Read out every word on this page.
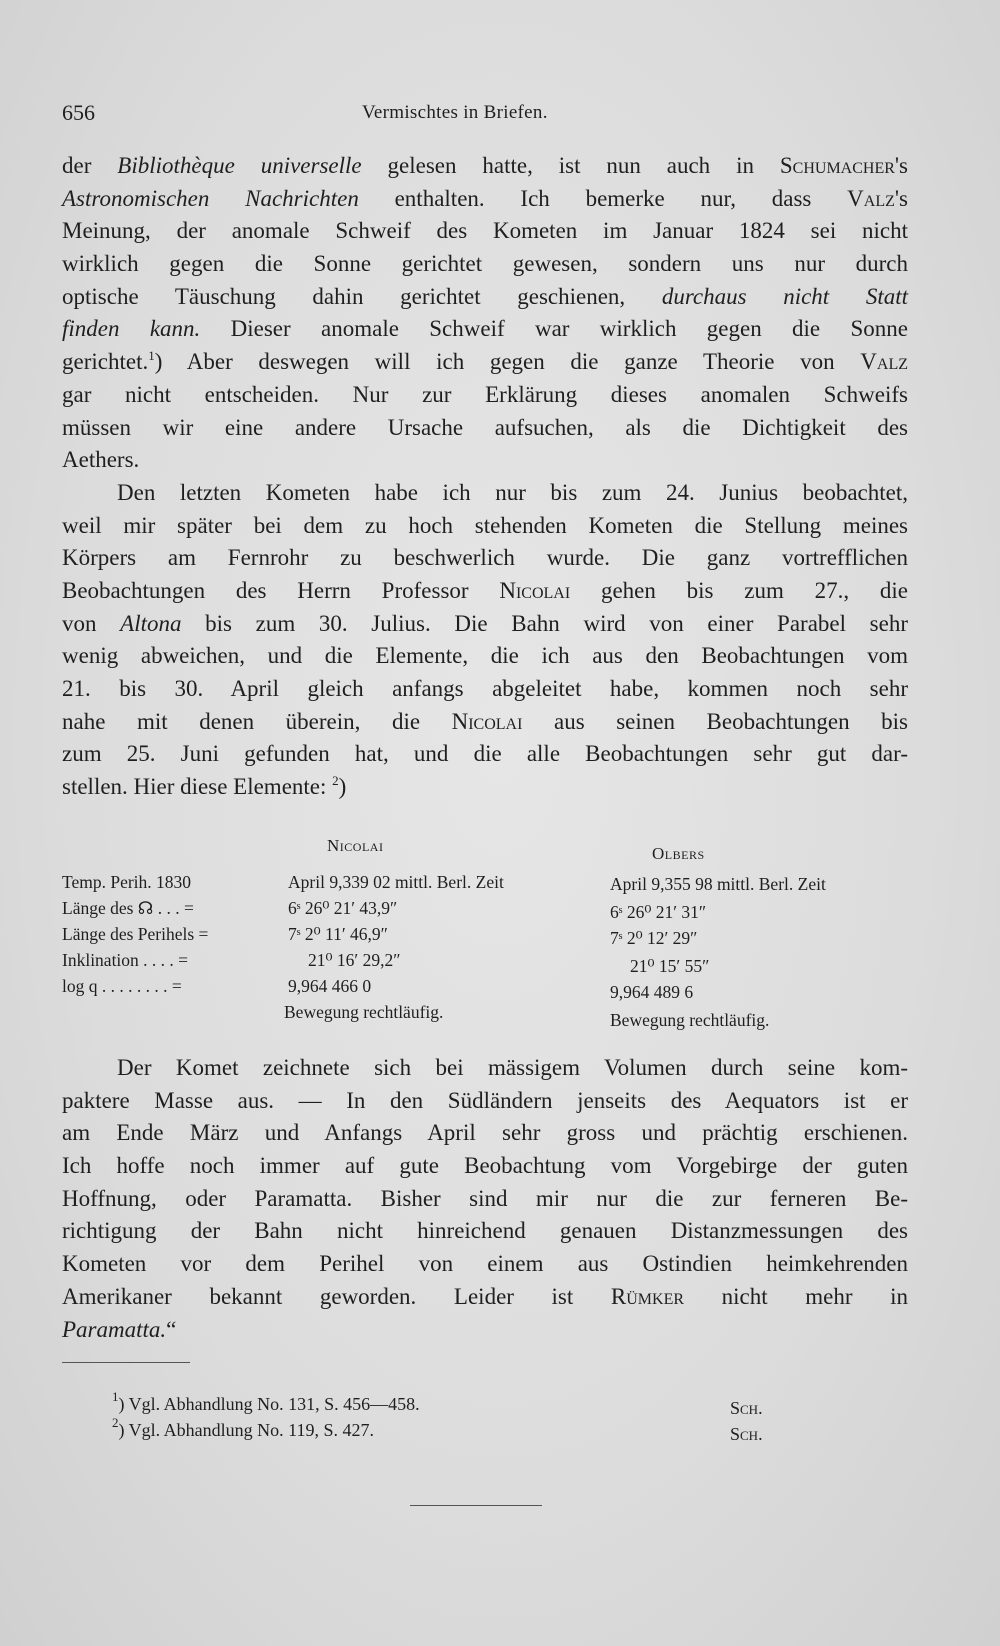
656	Vermischtes in Briefen.
der Bibliothèque universelle gelesen hatte, ist nun auch in Schumacher's
Astronomischen Nachrichten enthalten. Ich bemerke nur, dass Valz's
Meinung, der anomale Schweif des Kometen im Januar 1824 sei nicht
wirklich gegen die Sonne gerichtet gewesen, sondern uns nur durch
optische Täuschung dahin gerichtet geschienen, durchaus nicht Statt
finden kann. Dieser anomale Schweif war wirklich gegen die Sonne
gerichtet.$^1$) Aber deswegen will ich gegen die ganze Theorie von Valz
gar nicht entscheiden. Nur zur Erklärung dieses anomalen Schweifs
müssen wir eine andere Ursache aufsuchen, als die Dichtigkeit des
Aethers.
Den letzten Kometen habe ich nur bis zum 24. Junius beobachtet,
weil mir später bei dem zu hoch stehenden Kometen die Stellung meines
Körpers am Fernrohr zu beschwerlich wurde. Die ganz vortrefflichen
Beobachtungen des Herrn Professor Nicolai gehen bis zum 27., die
von Altona bis zum 30. Julius. Die Bahn wird von einer Parabel sehr
wenig abweichen, und die Elemente, die ich aus den Beobachtungen vom
21. bis 30. April gleich anfangs abgeleitet habe, kommen noch sehr
nahe mit denen überein, die Nicolai aus seinen Beobachtungen bis
zum 25. Juni gefunden hat, und die alle Beobachtungen sehr gut dar-
stellen. Hier diese Elemente: $^2$)
Nicolai	Olbers
Temp. Perih. 1830	April 9,339 02 mittl. Berl. Zeit	April 9,355 98 mittl. Berl. Zeit
Länge des ☊ . . . =	6ˢ 26⁰ 21′ 43,9″	6ˢ 26⁰ 21′ 31″
Länge des Perihels =	7ˢ 2⁰ 11′ 46,9″	7ˢ 2⁰ 12′ 29″
Inklination . . . . =	21⁰ 16′ 29,2″	21⁰ 15′ 55″
log q . . . . . . . . =	9,964 466 0	9,964 489 6
Bewegung rechtläufig.	Bewegung rechtläufig.
Der Komet zeichnete sich bei mässigem Volumen durch seine kom-
paktere Masse aus. — In den Südländern jenseits des Aequators ist er
am Ende März und Anfangs April sehr gross und prächtig erschienen.
Ich hoffe noch immer auf gute Beobachtung vom Vorgebirge der guten
Hoffnung, oder Paramatta. Bisher sind mir nur die zur ferneren Be-
richtigung der Bahn nicht hinreichend genauen Distanzmessungen des
Kometen vor dem Perihel von einem aus Ostindien heimkehrenden
Amerikaner bekannt geworden. Leider ist Rümker nicht mehr in
Paramatta.“
$^1$) Vgl. Abhandlung No. 131, S. 456—458.	Sch.
$^2$) Vgl. Abhandlung No. 119, S. 427.	Sch.
